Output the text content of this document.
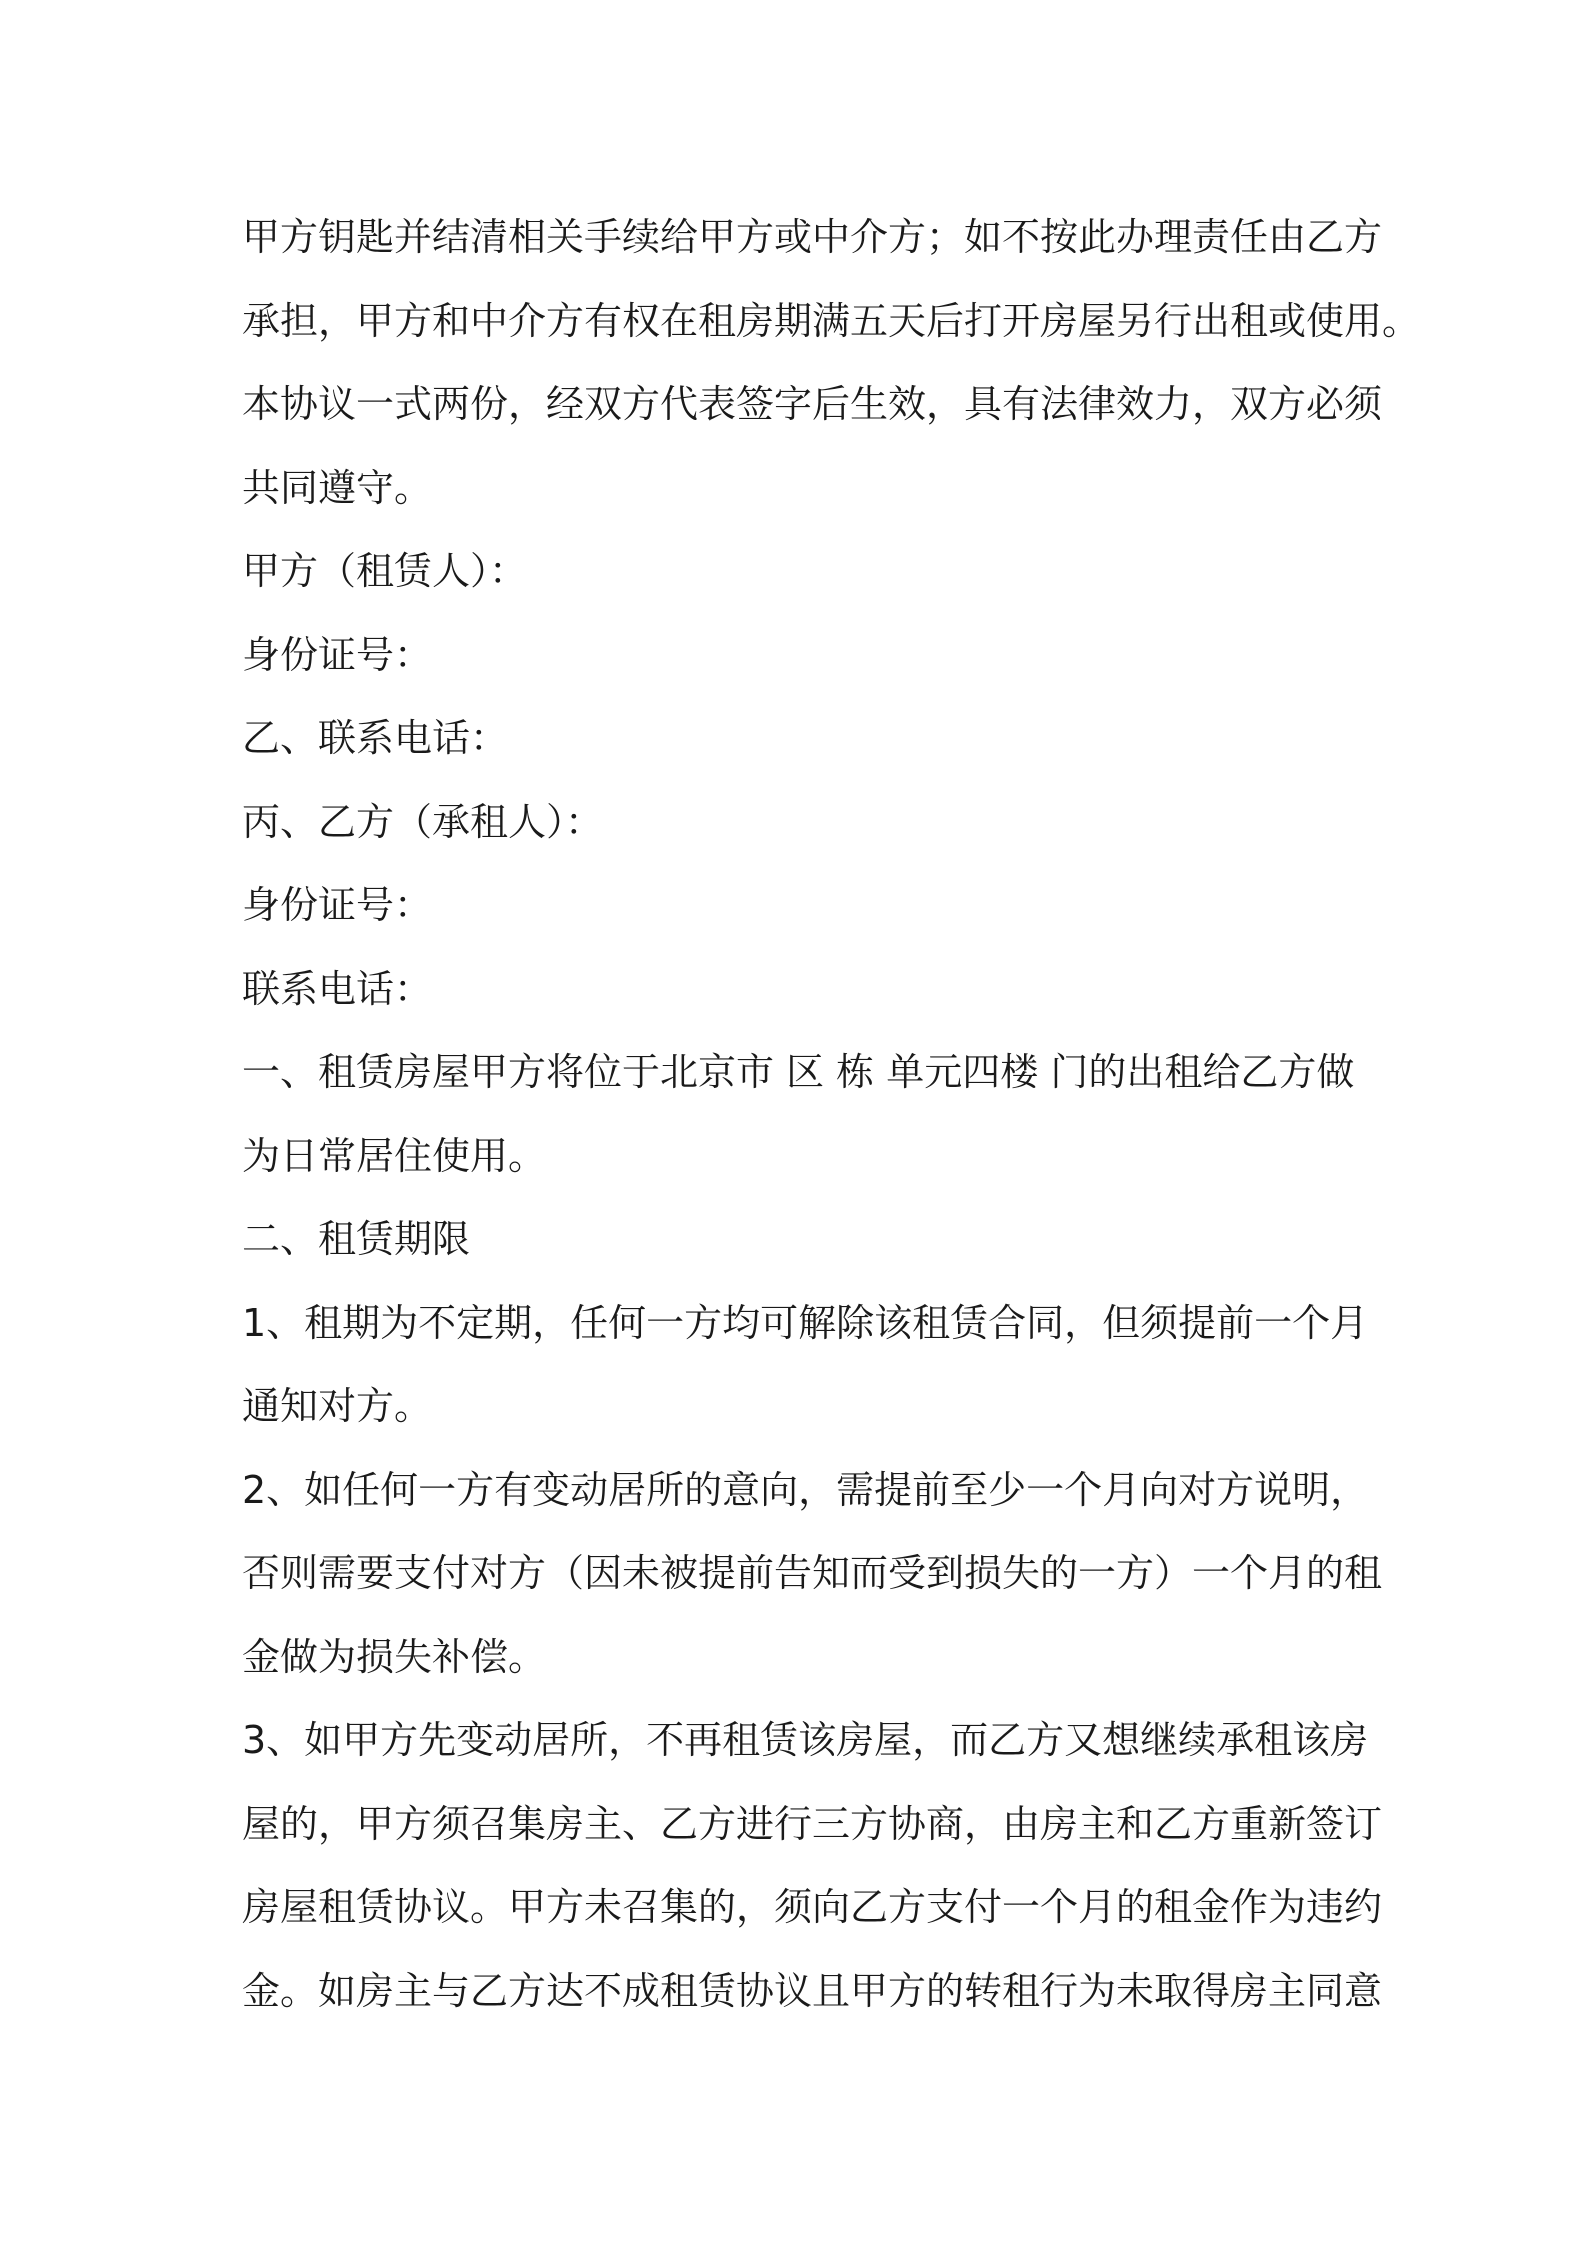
甲方钥匙并结清相关手续给甲方或中介方；如不按此办理责任由乙方
承担，甲方和中介方有权在租房期满五天后打开房屋另行出租或使用。
本协议一式两份，经双方代表签字后生效，具有法律效力，双方必须
共同遵守。
甲方（租赁人）：
身份证号：
乙、联系电话：
丙、乙方（承租人）：
身份证号：
联系电话：
一、租赁房屋甲方将位于北京市 区 栋 单元四楼 门的出租给乙方做
为日常居住使用。
二、租赁期限
1、租期为不定期，任何一方均可解除该租赁合同，但须提前一个月
通知对方。
2、如任何一方有变动居所的意向，需提前至少一个月向对方说明，
否则需要支付对方（因未被提前告知而受到损失的一方）一个月的租
金做为损失补偿。
3、如甲方先变动居所，不再租赁该房屋，而乙方又想继续承租该房
屋的，甲方须召集房主、乙方进行三方协商，由房主和乙方重新签订
房屋租赁协议。甲方未召集的，须向乙方支付一个月的租金作为违约
金。如房主与乙方达不成租赁协议且甲方的转租行为未取得房主同意
